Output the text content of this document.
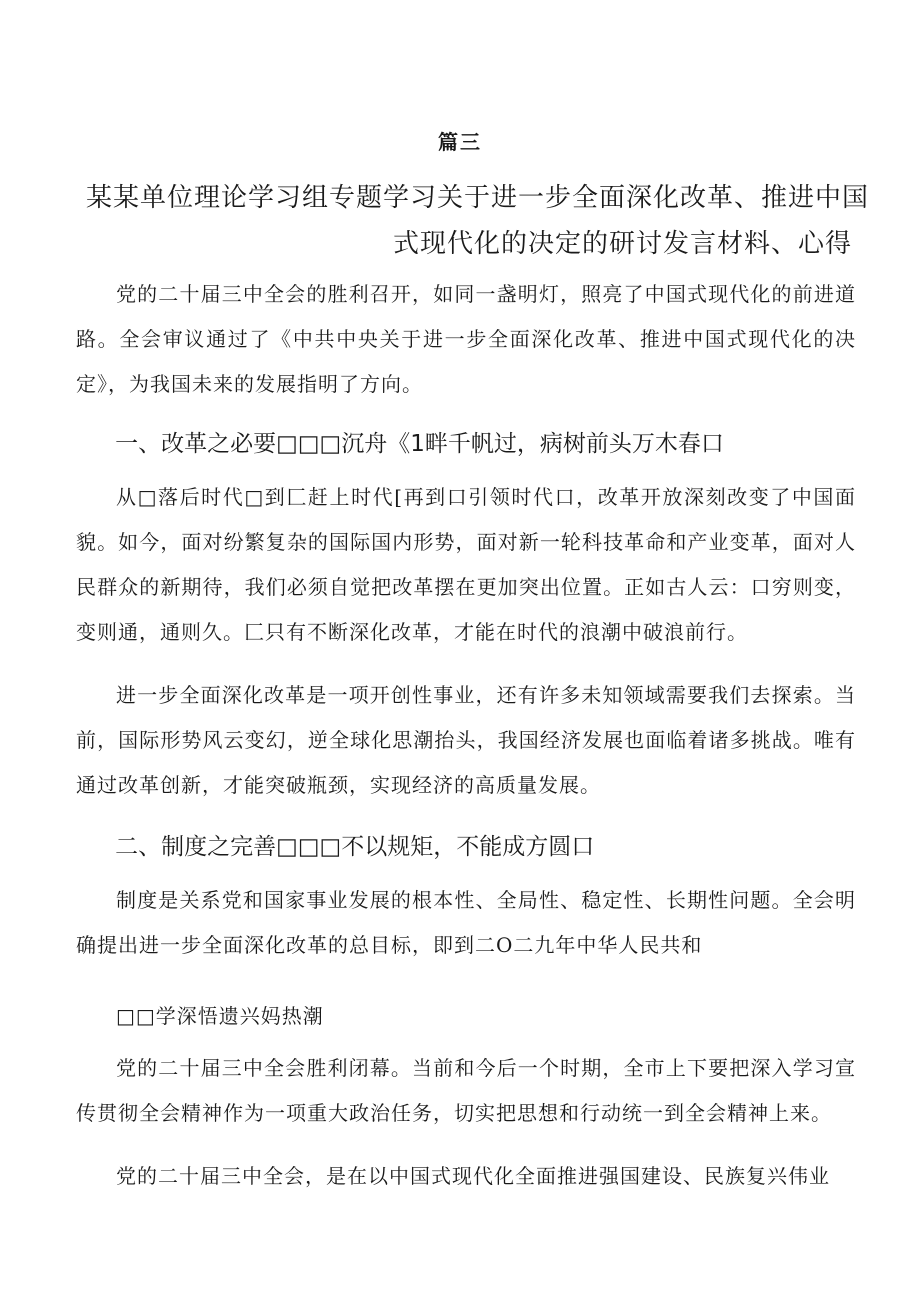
篇三
某某单位理论学习组专题学习关于进一步全面深化改革、推进中国
式现代化的决定的研讨发言材料、心得

党的二十届三中全会的胜利召开，如同一盏明灯，照亮了中国式现代化的前进道路。全会审议通过了《中共中央关于进一步全面深化改革、推进中国式现代化的决定》，为我国未来的发展指明了方向。

一、改革之必要□□□沉舟《1畔千帆过，病树前头万木春口

从□落后时代□到匚赶上时代[再到口引领时代口，改革开放深刻改变了中国面貌。如今，面对纷繁复杂的国际国内形势，面对新一轮科技革命和产业变革，面对人民群众的新期待，我们必须自觉把改革摆在更加突出位置。正如古人云：口穷则变，变则通，通则久。匚只有不断深化改革，才能在时代的浪潮中破浪前行。

进一步全面深化改革是一项开创性事业，还有许多未知领域需要我们去探索。当前，国际形势风云变幻，逆全球化思潮抬头，我国经济发展也面临着诸多挑战。唯有通过改革创新，才能突破瓶颈，实现经济的高质量发展。

二、制度之完善□□□不以规矩，不能成方圆口

制度是关系党和国家事业发展的根本性、全局性、稳定性、长期性问题。全会明确提出进一步全面深化改革的总目标，即到二O二九年中华人民共和

□□学深悟遗兴妈热潮

党的二十届三中全会胜利闭幕。当前和今后一个时期，全市上下要把深入学习宣传贯彻全会精神作为一项重大政治任务，切实把思想和行动统一到全会精神上来。

党的二十届三中全会，是在以中国式现代化全面推进强国建设、民族复兴伟业
